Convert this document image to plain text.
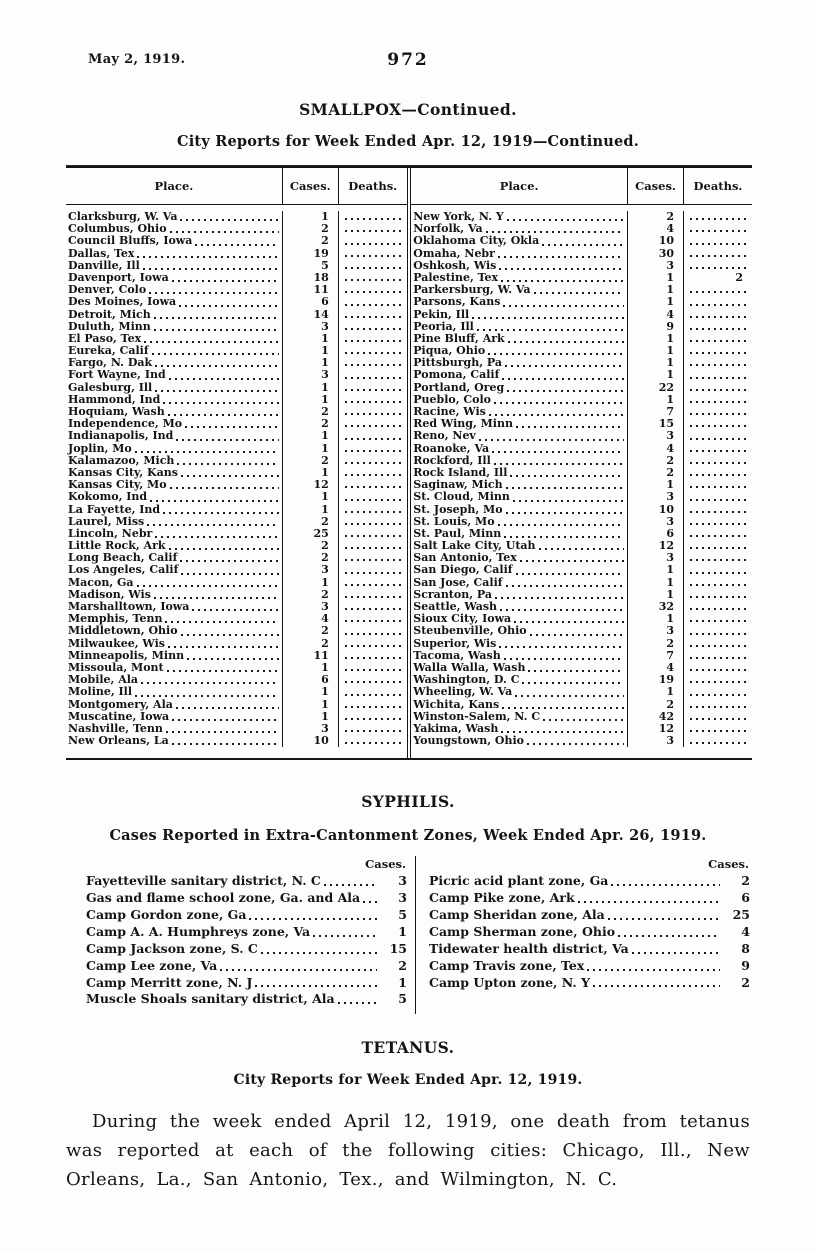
May 2, 1919.	972
SMALLPOX—Continued.
City Reports for Week Ended Apr. 12, 1919—Continued.
Place.	Cases.	Deaths.
Clarksburg, W. Va	1
Columbus, Ohio	2
Council Bluffs, Iowa	2
Dallas, Tex	19
Danville, Ill	5
Davenport, Iowa	18
Denver, Colo	11
Des Moines, Iowa	6
Detroit, Mich	14
Duluth, Minn	3
El Paso, Tex	1
Eureka, Calif	1
Fargo, N. Dak	1
Fort Wayne, Ind	3
Galesburg, Ill	1
Hammond, Ind	1
Hoquiam, Wash	2
Independence, Mo	2
Indianapolis, Ind	1
Joplin, Mo	1
Kalamazoo, Mich	2
Kansas City, Kans	1
Kansas City, Mo	12
Kokomo, Ind	1
La Fayette, Ind	1
Laurel, Miss	2
Lincoln, Nebr	25
Little Rock, Ark	2
Long Beach, Calif	2
Los Angeles, Calif	3
Macon, Ga	1
Madison, Wis	2
Marshalltown, Iowa	3
Memphis, Tenn	4
Middletown, Ohio	2
Milwaukee, Wis	2
Minneapolis, Minn	11
Missoula, Mont	1
Mobile, Ala	6
Moline, Ill	1
Montgomery, Ala	1
Muscatine, Iowa	1
Nashville, Tenn	3
New Orleans, La	10
Place.	Cases.	Deaths.
New York, N. Y	2
Norfolk, Va	4
Oklahoma City, Okla	10
Omaha, Nebr	30
Oshkosh, Wis	3
Palestine, Tex	1	2
Parkersburg, W. Va	1
Parsons, Kans	1
Pekin, Ill	4
Peoria, Ill	9
Pine Bluff, Ark	1
Piqua, Ohio	1
Pittsburgh, Pa	1
Pomona, Calif	1
Portland, Oreg	22
Pueblo, Colo	1
Racine, Wis	7
Red Wing, Minn	15
Reno, Nev	3
Roanoke, Va	4
Rockford, Ill	2
Rock Island, Ill	2
Saginaw, Mich	1
St. Cloud, Minn	3
St. Joseph, Mo	10
St. Louis, Mo	3
St. Paul, Minn	6
Salt Lake City, Utah	12
San Antonio, Tex	3
San Diego, Calif	1
San Jose, Calif	1
Scranton, Pa	1
Seattle, Wash	32
Sioux City, Iowa	1
Steubenville, Ohio	3
Superior, Wis	2
Tacoma, Wash	7
Walla Walla, Wash	4
Washington, D. C	19
Wheeling, W. Va	1
Wichita, Kans	2
Winston-Salem, N. C	42
Yakima, Wash	12
Youngstown, Ohio	3
SYPHILIS.
Cases Reported in Extra-Cantonment Zones, Week Ended Apr. 26, 1919.
Cases.
Fayetteville sanitary district, N. C	3
Gas and flame school zone, Ga. and Ala	3
Camp Gordon zone, Ga	5
Camp A. A. Humphreys zone, Va	1
Camp Jackson zone, S. C	15
Camp Lee zone, Va	2
Camp Merritt zone, N. J	1
Muscle Shoals sanitary district, Ala	5
Cases.
Picric acid plant zone, Ga	2
Camp Pike zone, Ark	6
Camp Sheridan zone, Ala	25
Camp Sherman zone, Ohio	4
Tidewater health district, Va	8
Camp Travis zone, Tex	9
Camp Upton zone, N. Y	2
TETANUS.
City Reports for Week Ended Apr. 12, 1919.

During the week ended April 12, 1919, one death from tetanus was reported at each of the following cities: Chicago, Ill., New Orleans, La., San Antonio, Tex., and Wilmington, N. C.
